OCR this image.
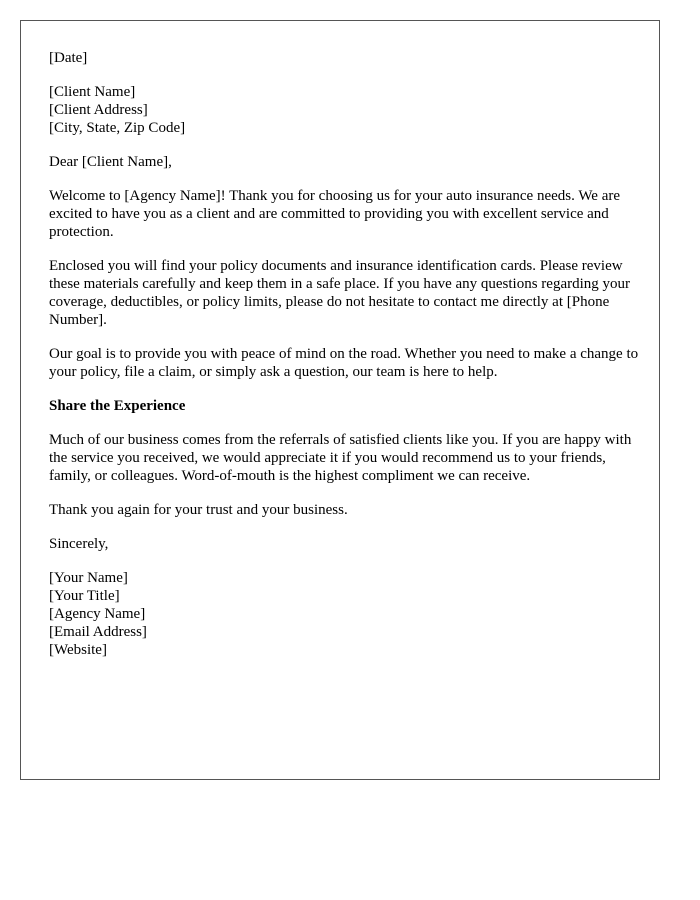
[Date]
[Client Name]
[Client Address]
[City, State, Zip Code]

Dear [Client Name],

Welcome to [Agency Name]! Thank you for choosing us for your auto insurance needs. We are excited to have you as a client and are committed to providing you with excellent service and protection.

Enclosed you will find your policy documents and insurance identification cards. Please review these materials carefully and keep them in a safe place. If you have any questions regarding your coverage, deductibles, or policy limits, please do not hesitate to contact me directly at [Phone Number].

Our goal is to provide you with peace of mind on the road. Whether you need to make a change to your policy, file a claim, or simply ask a question, our team is here to help.

Share the Experience

Much of our business comes from the referrals of satisfied clients like you. If you are happy with the service you received, we would appreciate it if you would recommend us to your friends, family, or colleagues. Word-of-mouth is the highest compliment we can receive.

Thank you again for your trust and your business.

Sincerely,

[Your Name]
[Your Title]
[Agency Name]
[Email Address]
[Website]
